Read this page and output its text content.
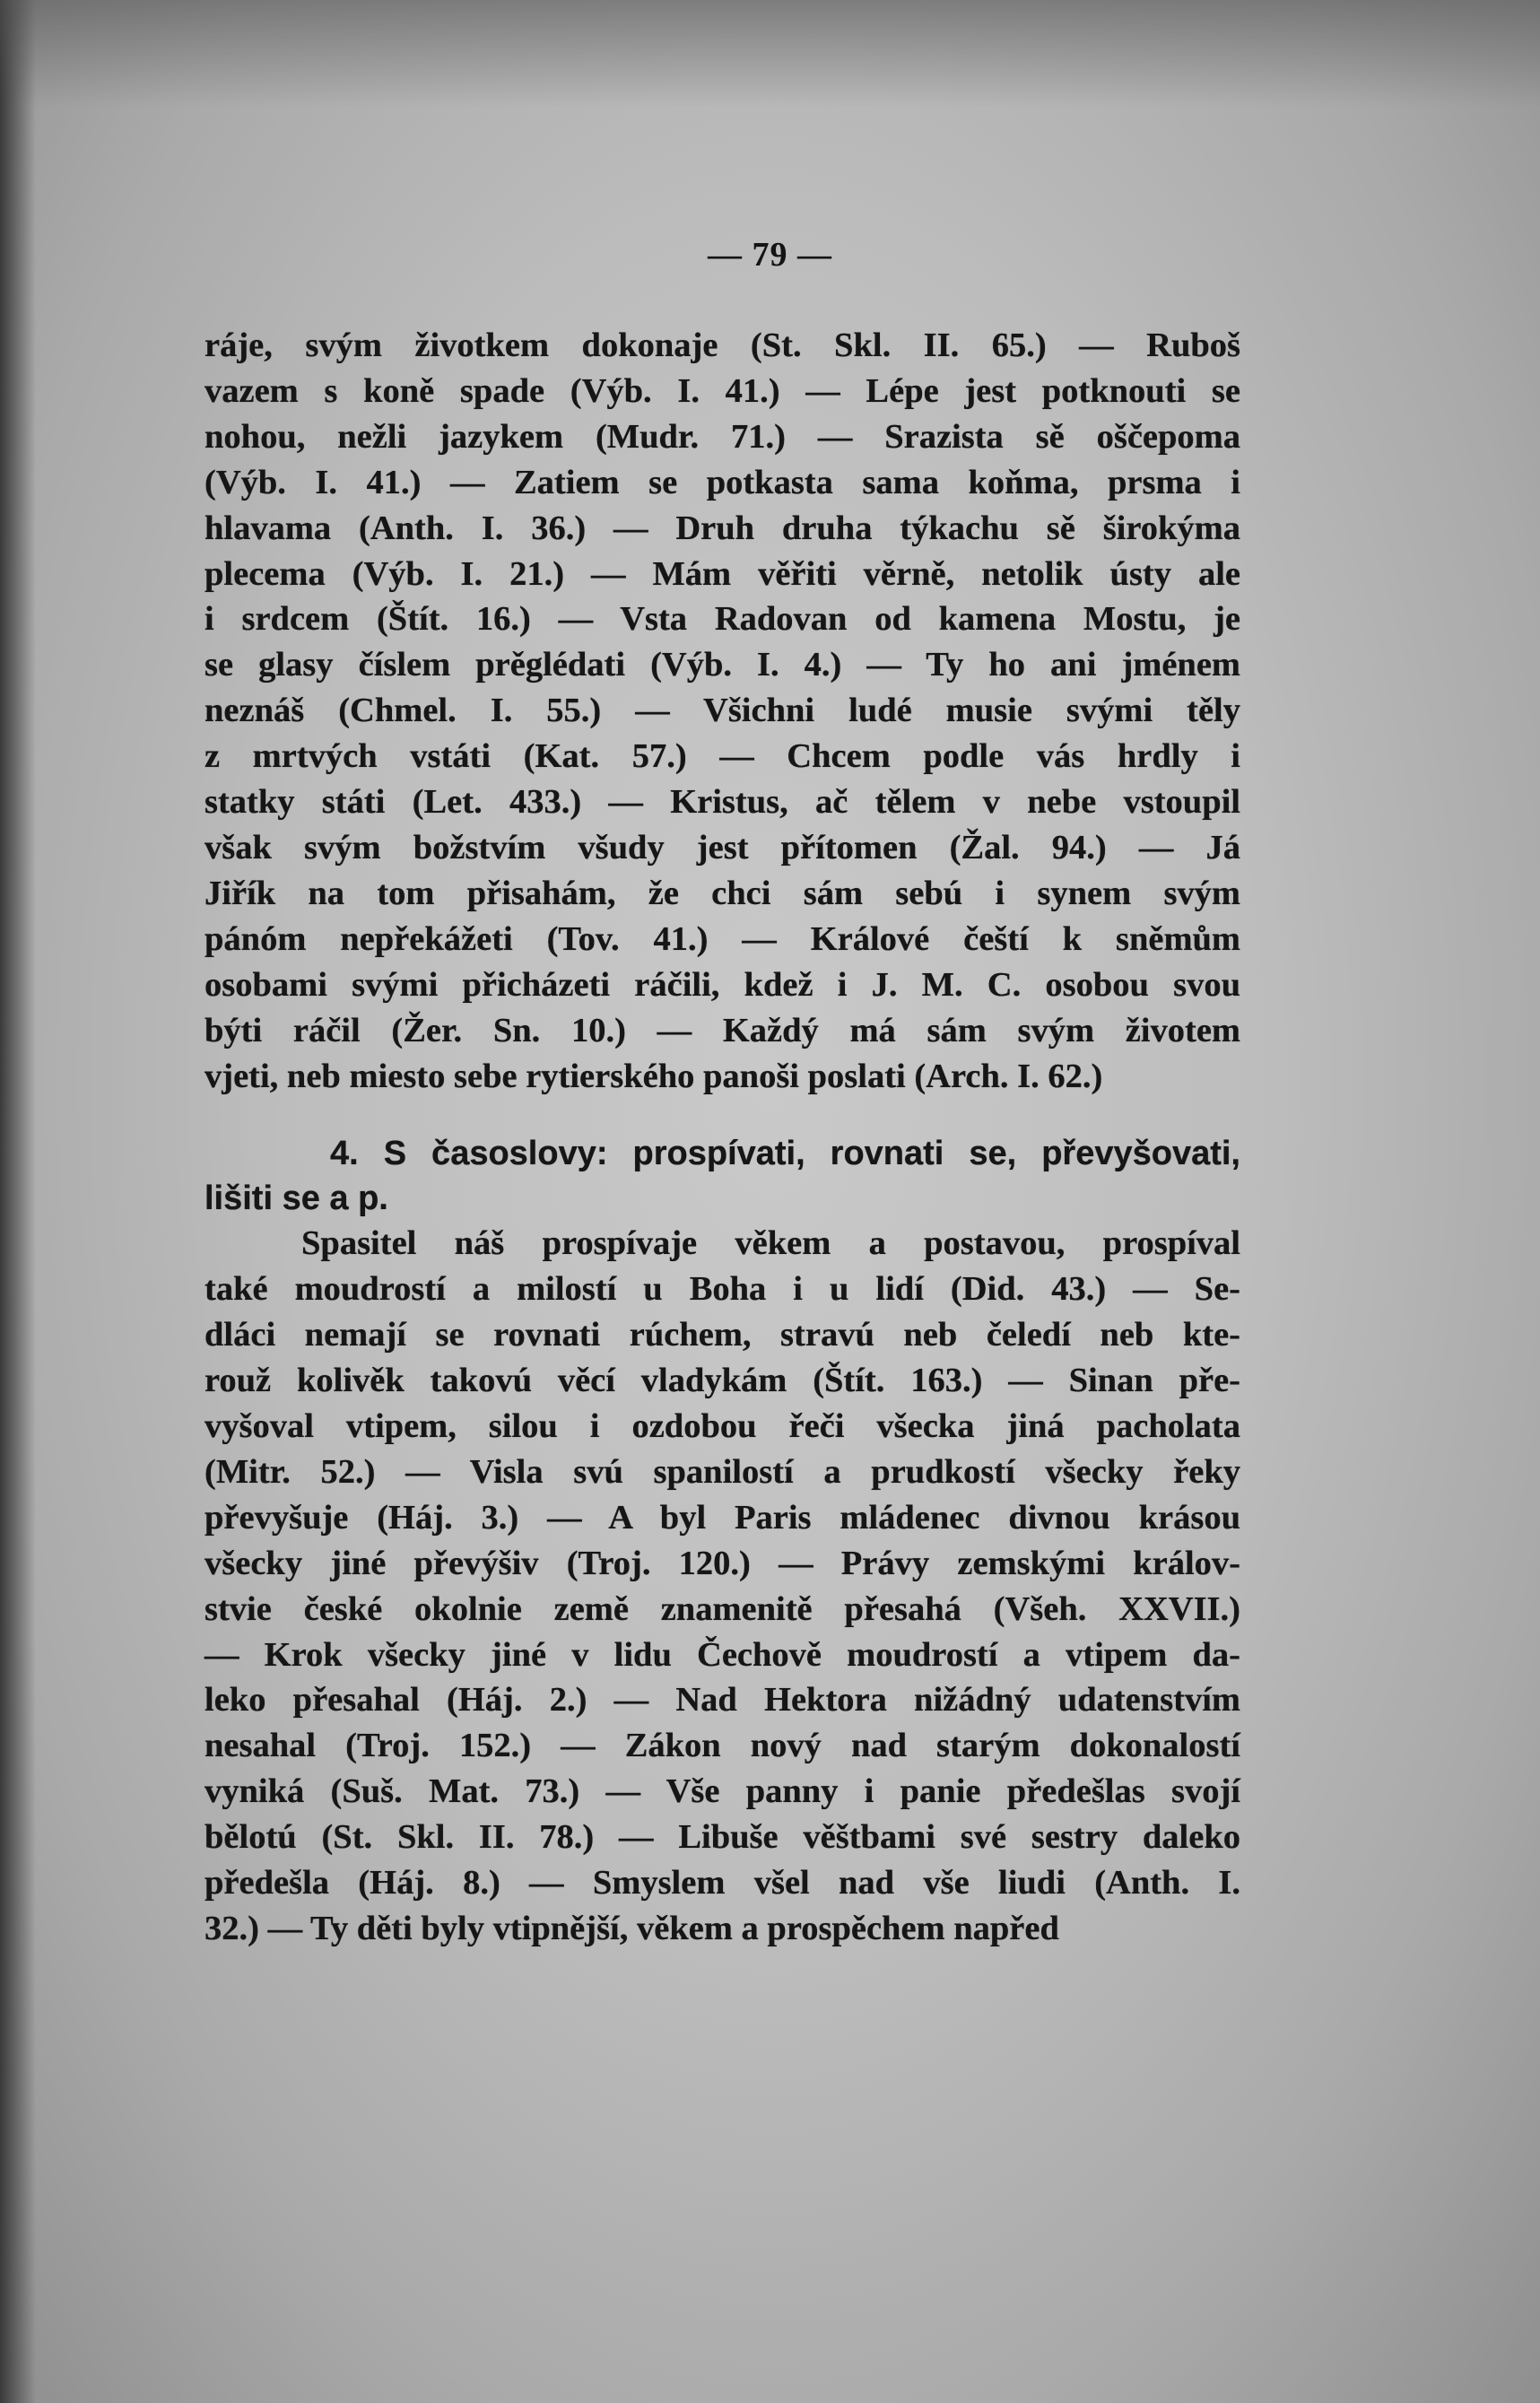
— 79 —
ráje, svým životkem dokonaje (St. Skl. II. 65.) — Ruboš
vazem s koně spade (Výb. I. 41.) — Lépe jest potknouti se
nohou, nežli jazykem (Mudr. 71.) — Srazista sě oščepoma
(Výb. I. 41.) — Zatiem se potkasta sama koňma, prsma i
hlavama (Anth. I. 36.) — Druh druha týkachu sě širokýma
plecema (Výb. I. 21.) — Mám věřiti věrně, netolik ústy ale
i srdcem (Štít. 16.) — Vsta Radovan od kamena Mostu, je
se glasy číslem prěglédati (Výb. I. 4.) — Ty ho ani jménem
neznáš (Chmel. I. 55.) — Všichni ludé musie svými těly
z mrtvých vstáti (Kat. 57.) — Chcem podle vás hrdly i
statky státi (Let. 433.) — Kristus, ač tělem v nebe vstoupil
však svým božstvím všudy jest přítomen (Žal. 94.) — Já
Jiřík na tom přisahám, že chci sám sebú i synem svým
pánóm nepřekážeti (Tov. 41.) — Králové čeští k sněmům
osobami svými přicházeti ráčili, kdež i J. M. C. osobou svou
býti ráčil (Žer. Sn. 10.) — Každý má sám svým životem
vjeti, neb miesto sebe rytierského panoši poslati (Arch. I. 62.)
4. S časoslovy: prospívati, rovnati se, převyšovati,
lišiti se a p.
Spasitel náš prospívaje věkem a postavou, prospíval
také moudrostí a milostí u Boha i u lidí (Did. 43.) — Se-
dláci nemají se rovnati rúchem, stravú neb čeledí neb kte-
rouž kolivěk takovú věcí vladykám (Štít. 163.) — Sinan pře-
vyšoval vtipem, silou i ozdobou řeči všecka jiná pacholata
(Mitr. 52.) — Visla svú spanilostí a prudkostí všecky řeky
převyšuje (Háj. 3.) — A byl Paris mládenec divnou krásou
všecky jiné převýšiv (Troj. 120.) — Právy zemskými králov-
stvie české okolnie země znamenitě přesahá (Všeh. XXVII.)
— Krok všecky jiné v lidu Čechově moudrostí a vtipem da-
leko přesahal (Háj. 2.) — Nad Hektora nižádný udatenstvím
nesahal (Troj. 152.) — Zákon nový nad starým dokonalostí
vyniká (Suš. Mat. 73.) — Vše panny i panie předešlas svojí
bělotú (St. Skl. II. 78.) — Libuše věštbami své sestry daleko
předešla (Háj. 8.) — Smyslem všel nad vše liudi (Anth. I.
32.) — Ty děti byly vtipnější, věkem a prospěchem napřed
